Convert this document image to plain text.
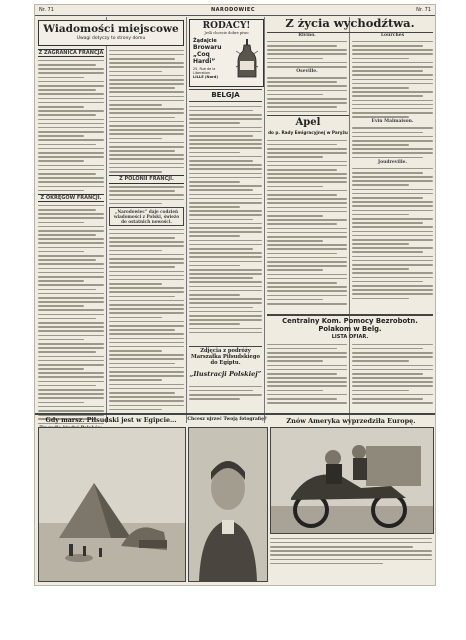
Nr. 71	NARODOWIEC	Nr. 71
Wiadomości miejscowe
Uwagi dotyczy to strony domu
Z ZAGRANICA FRANCJA
Z OKRĘGÓW FRANCJI.
Z POLONII FRANCJI.
„Narodowiec” daje codzień wiadomości z Polski, świeżo do ostatnich nowości.
RODACY!
Jeśli chcecie dobre piwo
Żądajcie
Browaru
„Coq Hardi”
25, Rue de la Liberation
LILLE (Nord)
BELGJA
Zdjęcia z podróży Marszałka Piłsudskiego do Egiptu.
„Ilustracji Polskiej”
Z życia wychodźtwa.
Rivino.
Oseville.
Lourches
Evin Malmaison.
Joudreville.
Apel
do p. Rady Emigracyjnej w Paryżu
Centralny Kom. Pomocy Bezrobotn. Polakom w Belg.
LISTA OFIAR.
Gdy marsz. Piłsudski jest w Egipcie...	Chcesz ujrzeć Twoją fotografię?	Znów Ameryka wyprzedziła Europę.
